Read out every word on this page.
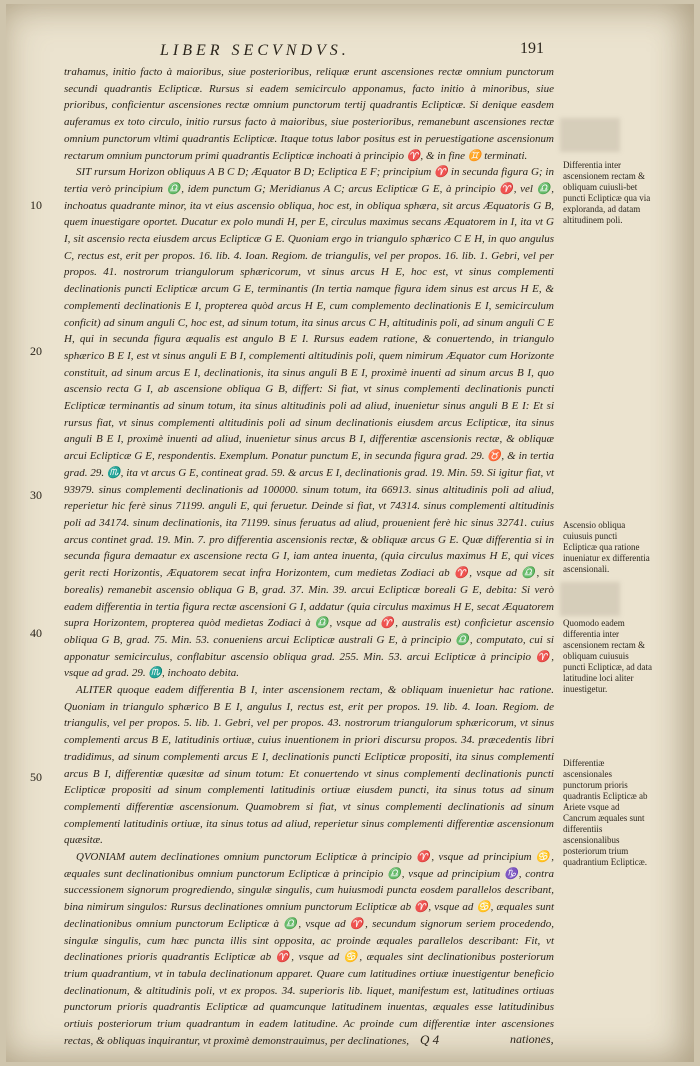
LIBER SECVNDVS.	191
10
20
30
40
50

trahamus, initio facto à maioribus, siue posterioribus, reliquæ erunt ascensiones rectæ omnium punctorum secundi quadrantis Eclipticæ. Rursus si eadem semicirculo apponamus, facto initio à minoribus, siue prioribus, conficientur ascensiones rectæ omnium punctorum tertij quadrantis Eclipticæ. Si denique easdem auferamus ex toto circulo, initio rursus facto à maioribus, siue posterioribus, remanebunt ascensiones rectæ omnium punctorum vltimi quadrantis Eclipticæ. Itaque totus labor positus est in peruestigatione ascensionum rectarum omnium punctorum primi quadrantis Eclipticæ inchoati à principio ♈, & in fine ♊ terminati.

SIT rursum Horizon obliquus A B C D; Æquator B D; Ecliptica E F; principium ♈ in secunda figura G; in tertia verò principium ♎, idem punctum G; Meridianus A C; arcus Eclipticæ G E, à principio ♈, vel ♎, inchoatus quadrante minor, ita vt eius ascensio obliqua, hoc est, in obliqua sphæra, sit arcus Æquatoris G B, quem inuestigare oportet. Ducatur ex polo mundi H, per E, circulus maximus secans Æquatorem in I, ita vt G I, sit ascensio recta eiusdem arcus Eclipticæ G E. Quoniam ergo in triangulo sphærico C E H, in quo angulus C, rectus est, erit per propos. 16. lib. 4. Ioan. Regiom. de triangulis, vel per propos. 16. lib. 1. Gebri, vel per propos. 41. nostrorum triangulorum sphæricorum, vt sinus arcus H E, hoc est, vt sinus complementi declinationis puncti Eclipticæ arcum G E, terminantis (In tertia namque figura idem sinus est arcus H E, & complementi declinationis E I, propterea quòd arcus H E, cum complemento declinationis E I, semicirculum conficit) ad sinum anguli C, hoc est, ad sinum totum, ita sinus arcus C H, altitudinis poli, ad sinum anguli C E H, qui in secunda figura æqualis est angulo B E I. Rursus eadem ratione, & conuertendo, in triangulo sphærico B E I, est vt sinus anguli E B I, complementi altitudinis poli, quem nimirum Æquator cum Horizonte constituit, ad sinum arcus E I, declinationis, ita sinus anguli B E I, proximè inuenti ad sinum arcus B I, quo ascensio recta G I, ab ascensione obliqua G B, differt: Si fiat, vt sinus complementi declinationis puncti Eclipticæ terminantis ad sinum totum, ita sinus altitudinis poli ad aliud, inuenietur sinus anguli B E I: Et si rursus fiat, vt sinus complementi altitudinis poli ad sinum declinationis eiusdem arcus Eclipticæ, ita sinus anguli B E I, proximè inuenti ad aliud, inuenietur sinus arcus B I, differentiæ ascensionis rectæ, & obliquæ arcui Eclipticæ G E, respondentis. Exemplum. Ponatur punctum E, in secunda figura grad. 29. ♉, & in tertia grad. 29. ♏, ita vt arcus G E, contineat grad. 59. & arcus E I, declinationis grad. 19. Min. 59. Si igitur fiat, vt 93979. sinus complementi declinationis ad 100000. sinum totum, ita 66913. sinus altitudinis poli ad aliud, reperietur hic ferè sinus 71199. anguli E, qui feruetur. Deinde si fiat, vt 74314. sinus complementi altitudinis poli ad 34174. sinum declinationis, ita 71199. sinus feruatus ad aliud, prouenient ferè hic sinus 32741. cuius arcus continet grad. 19. Min. 7. pro differentia ascensionis rectæ, & obliquæ arcus G E. Quæ differentia si in secunda figura demaatur ex ascensione recta G I, iam antea inuenta, (quia circulus maximus H E, qui vices gerit recti Horizontis, Æquatorem secat infra Horizontem, cum medietas Zodiaci ab ♈, vsque ad ♎, sit borealis) remanebit ascensio obliqua G B, grad. 37. Min. 39. arcui Eclipticæ boreali G E, debita: Si verò eadem differentia in tertia figura rectæ ascensioni G I, addatur (quia circulus maximus H E, secat Æquatorem supra Horizontem, propterea quòd medietas Zodiaci à ♎, vsque ad ♈, australis est) conficietur ascensio obliqua G B, grad. 75. Min. 53. conueniens arcui Eclipticæ australi G E, à principio ♎, computato, cui si apponatur semicirculus, conflabitur ascensio obliqua grad. 255. Min. 53. arcui Eclipticæ à principio ♈, vsque ad grad. 29. ♏, inchoato debita.

ALITER quoque eadem differentia B I, inter ascensionem rectam, & obliquam inuenietur hac ratione. Quoniam in triangulo sphærico B E I, angulus I, rectus est, erit per propos. 19. lib. 4. Ioan. Regiom. de triangulis, vel per propos. 5. lib. 1. Gebri, vel per propos. 43. nostrorum triangulorum sphæricorum, vt sinus complementi arcus B E, latitudinis ortiuæ, cuius inuentionem in priori discursu propos. 34. præcedentis libri tradidimus, ad sinum complementi arcus E I, declinationis puncti Eclipticæ propositi, ita sinus complementi arcus B I, differentiæ quæsitæ ad sinum totum: Et conuertendo vt sinus complementi declinationis puncti Eclipticæ propositi ad sinum complementi latitudinis ortiuæ eiusdem puncti, ita sinus totus ad sinum complementi differentiæ ascensionum. Quamobrem si fiat, vt sinus complementi declinationis ad sinum complementi latitudinis ortiuæ, ita sinus totus ad aliud, reperietur sinus complementi differentiæ ascensionum quæsitæ.

QVONIAM autem declinationes omnium punctorum Eclipticæ à principio ♈, vsque ad principium ♋, æquales sunt declinationibus omnium punctorum Eclipticæ à principio ♎, vsque ad principium ♑, contra successionem signorum progrediendo, singulæ singulis, cum huiusmodi puncta eosdem parallelos describant, bina nimirum singulos: Rursus declinationes omnium punctorum Eclipticæ ab ♈, vsque ad ♋, æquales sunt declinationibus omnium punctorum Eclipticæ à ♎, vsque ad ♈, secundum signorum seriem procedendo, singulæ singulis, cum hæc puncta illis sint opposita, ac proinde æquales parallelos describant: Fit, vt declinationes prioris quadrantis Eclipticæ ab ♈, vsque ad ♋, æquales sint declinationibus posteriorum trium quadrantium, vt in tabula declinationum apparet. Quare cum latitudines ortiuæ inuestigentur beneficio declinationum, & altitudinis poli, vt ex propos. 34. superioris lib. liquet, manifestum est, latitudines ortiuas punctorum prioris quadrantis Eclipticæ ad quamcunque latitudinem inuentas, æquales esse latitudinibus ortiuis posteriorum trium quadrantum in eadem latitudine. Ac proinde cum differentiæ inter ascensiones rectas, & obliquas inquirantur, vt proximè demonstrauimus, per declinationes,

Differentia inter ascensionem rectam & obliquam cuiusli-bet puncti Eclipticæ qua via exploranda, ad datam altitudinem poli.
Ascensio obliqua cuiusuis puncti Eclipticæ qua ratione inueniatur ex differentia ascensionali.
Quomodo eadem differentia inter ascensionem rectam & obliquam cuiusuis puncti Eclipticæ, ad data latitudine loci aliter inuestigetur.
Differentiæ ascensionales punctorum prioris quadrantis Eclipticæ ab Ariete vsque ad Cancrum æquales sunt differentiis ascensionalibus posteriorum trium quadrantium Eclipticæ.
Q 4	nationes,
